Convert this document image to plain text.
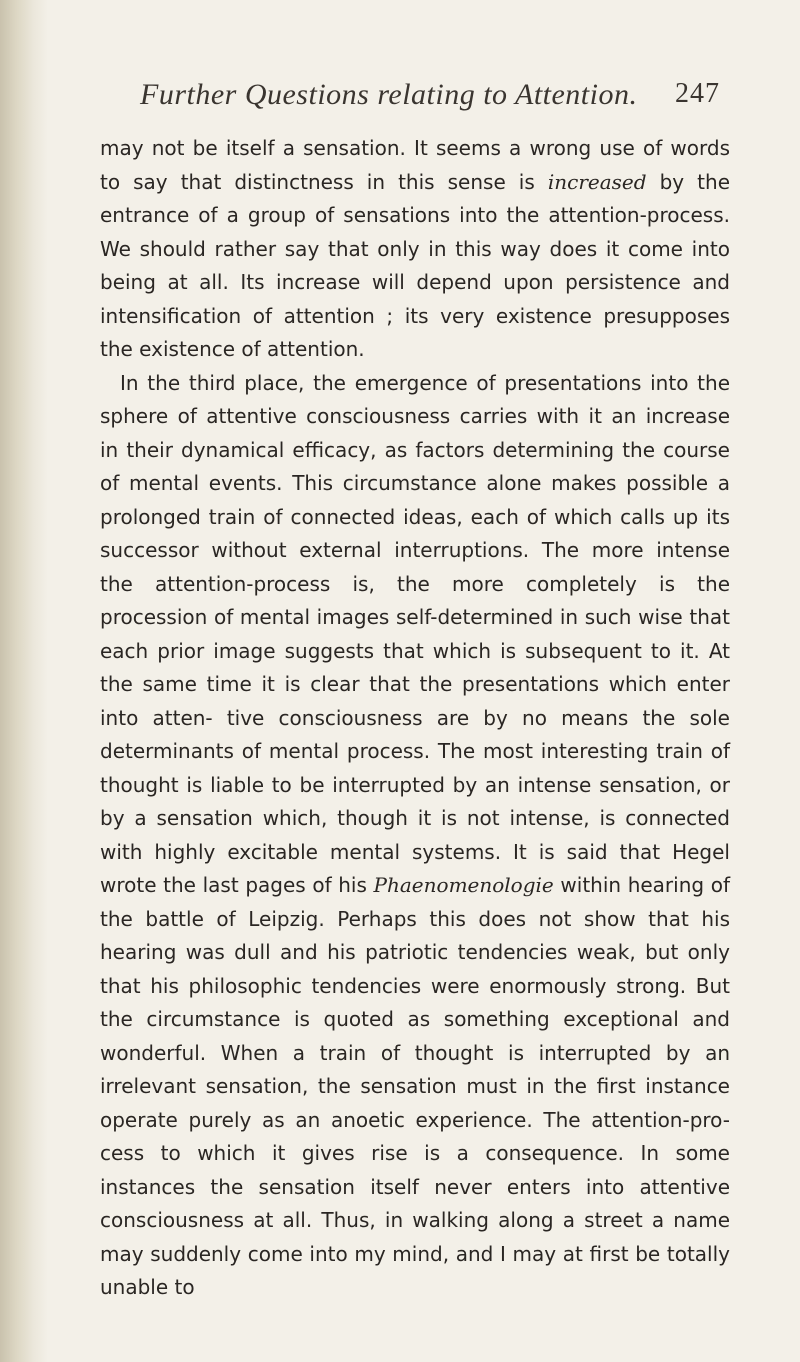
Further Questions relating to Attention. 247

may not be itself a sensation. It seems a wrong use of words to say that distinctness in this sense is increased by the entrance of a group of sensations into the attention-process. We should rather say that only in this way does it come into being at all. Its increase will depend upon persistence and intensification of attention ; its very existence presupposes the existence of attention.

In the third place, the emergence of presentations into the sphere of attentive consciousness carries with it an increase in their dynamical efficacy, as factors determining the course of mental events. This circumstance alone makes possible a prolonged train of connected ideas, each of which calls up its successor without external interruptions. The more intense the attention-process is, the more completely is the procession of mental images self-determined in such wise that each prior image suggests that which is subsequent to it. At the same time it is clear that the presentations which enter into atten- tive consciousness are by no means the sole determinants of mental process. The most interesting train of thought is liable to be interrupted by an intense sensation, or by a sensation which, though it is not intense, is connected with highly excitable mental systems. It is said that Hegel wrote the last pages of his Phaenomenologie within hearing of the battle of Leipzig. Perhaps this does not show that his hearing was dull and his patriotic tendencies weak, but only that his philosophic tendencies were enormously strong. But the circumstance is quoted as something exceptional and wonderful. When a train of thought is interrupted by an irrelevant sensation, the sensation must in the first instance operate purely as an anoetic experience. The attention-pro- cess to which it gives rise is a consequence. In some instances the sensation itself never enters into attentive consciousness at all. Thus, in walking along a street a name may suddenly come into my mind, and I may at first be totally unable to
